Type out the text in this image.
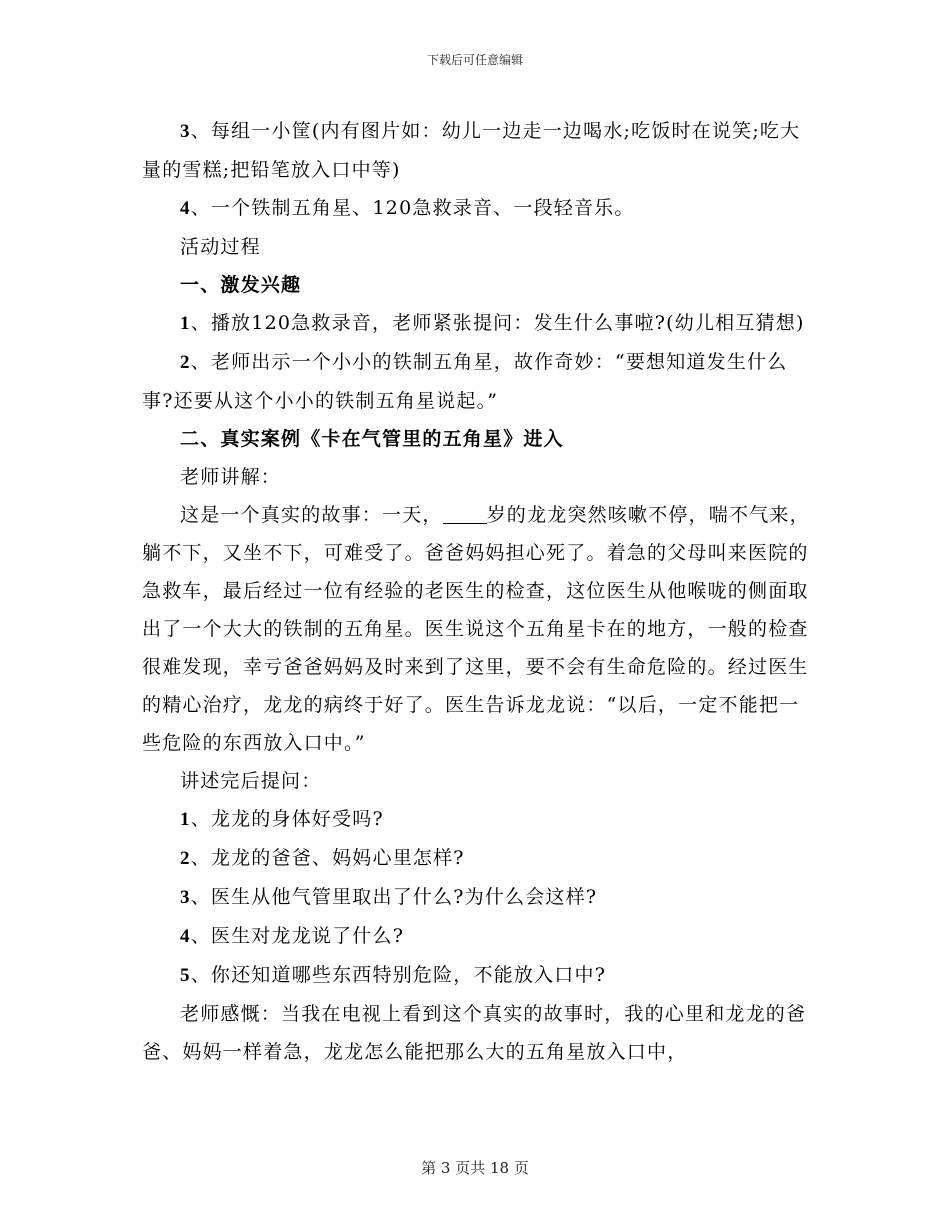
下载后可任意编辑

3、每组一小筐(内有图片如：幼儿一边走一边喝水;吃饭时在说笑;吃大量的雪糕;把铅笔放入口中等)

4、一个铁制五角星、120急救录音、一段轻音乐。

活动过程

一、激发兴趣

1、播放120急救录音，老师紧张提问：发生什么事啦?(幼儿相互猜想)

2、老师出示一个小小的铁制五角星，故作奇妙：“要想知道发生什么事?还要从这个小小的铁制五角星说起。”

二、真实案例《卡在气管里的五角星》进入

老师讲解：

这是一个真实的故事：一天， 岁的龙龙突然咳嗽不停，喘不气来，躺不下，又坐不下，可难受了。爸爸妈妈担心死了。着急的父母叫来医院的急救车，最后经过一位有经验的老医生的检查，这位医生从他喉咙的侧面取出了一个大大的铁制的五角星。医生说这个五角星卡在的地方，一般的检查很难发现，幸亏爸爸妈妈及时来到了这里，要不会有生命危险的。经过医生的精心治疗，龙龙的病终于好了。医生告诉龙龙说：“以后，一定不能把一些危险的东西放入口中。”

讲述完后提问：

1、龙龙的身体好受吗?

2、龙龙的爸爸、妈妈心里怎样?

3、医生从他气管里取出了什么?为什么会这样?

4、医生对龙龙说了什么?

5、你还知道哪些东西特别危险，不能放入口中?

老师感慨：当我在电视上看到这个真实的故事时，我的心里和龙龙的爸爸、妈妈一样着急，龙龙怎么能把那么大的五角星放入口中，

第 3 页共 18 页
